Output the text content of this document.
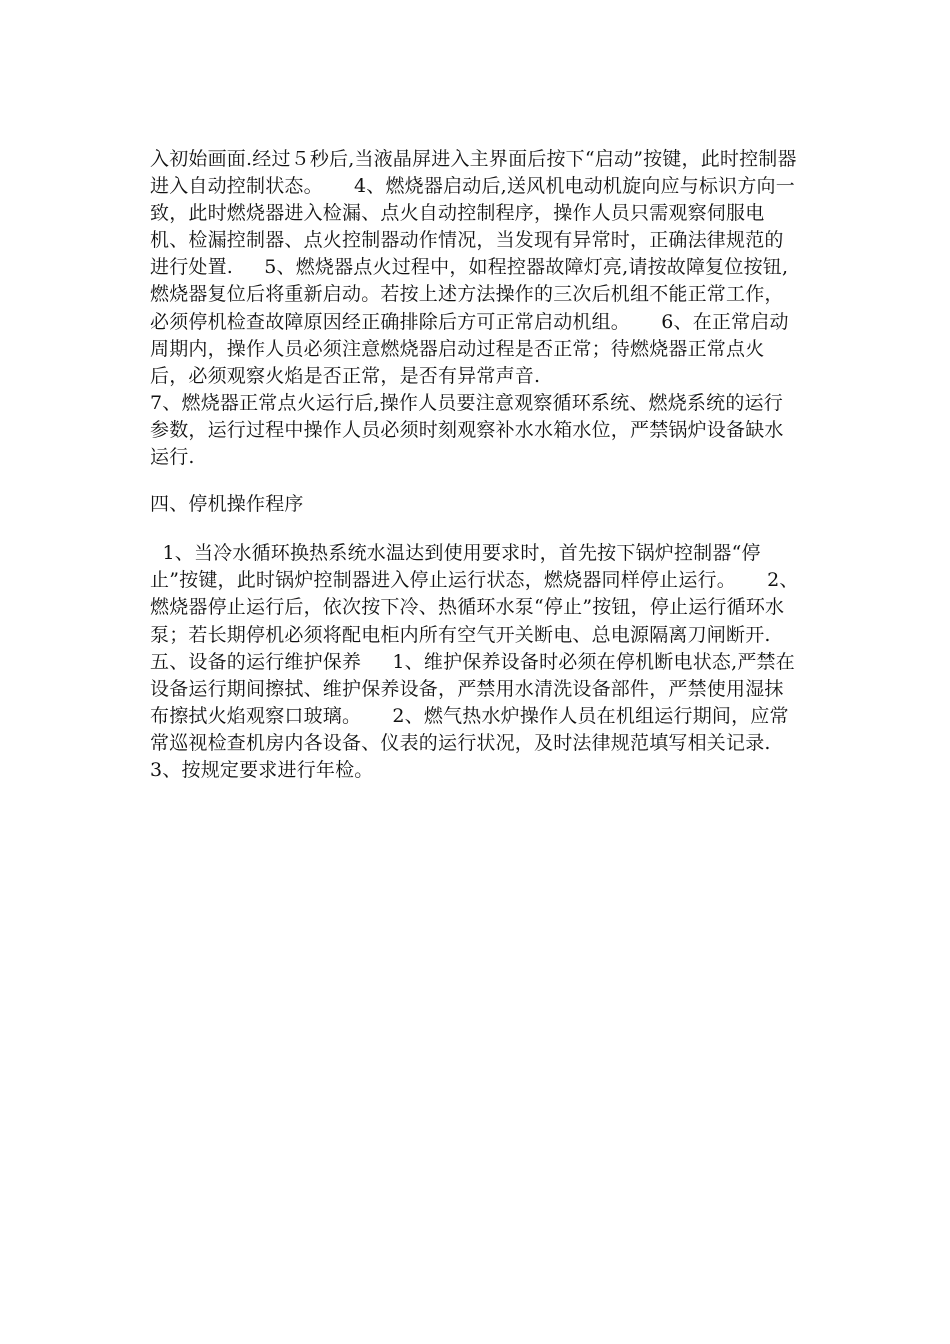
入初始画面.经过５秒后,当液晶屏进入主界面后按下“启动”按键，此时控制器进入自动控制状态。     4、燃烧器启动后,送风机电动机旋向应与标识方向一致，此时燃烧器进入检漏、点火自动控制程序，操作人员只需观察伺服电机、检漏控制器、点火控制器动作情况，当发现有异常时，正确法律规范的进行处置.     5、燃烧器点火过程中，如程控器故障灯亮,请按故障复位按钮,燃烧器复位后将重新启动。若按上述方法操作的三次后机组不能正常工作，必须停机检查故障原因经正确排除后方可正常启动机组。     6、在正常启动周期内，操作人员必须注意燃烧器启动过程是否正常；待燃烧器正常点火后，必须观察火焰是否正常，是否有异常声音.
7、燃烧器正常点火运行后,操作人员要注意观察循环系统、燃烧系统的运行参数，运行过程中操作人员必须时刻观察补水水箱水位，严禁锅炉设备缺水运行.

四、停机操作程序

1、当冷水循环换热系统水温达到使用要求时，首先按下锅炉控制器“停止”按键，此时锅炉控制器进入停止运行状态，燃烧器同样停止运行。     2、燃烧器停止运行后，依次按下冷、热循环水泵“停止”按钮，停止运行循环水泵；若长期停机必须将配电柜内所有空气开关断电、总电源隔离刀闸断开.   五、设备的运行维护保养     1、维护保养设备时必须在停机断电状态,严禁在设备运行期间擦拭、维护保养设备，严禁用水清洗设备部件，严禁使用湿抹布擦拭火焰观察口玻璃。     2、燃气热水炉操作人员在机组运行期间，应常常巡视检查机房内各设备、仪表的运行状况，及时法律规范填写相关记录.3、按规定要求进行年检。
